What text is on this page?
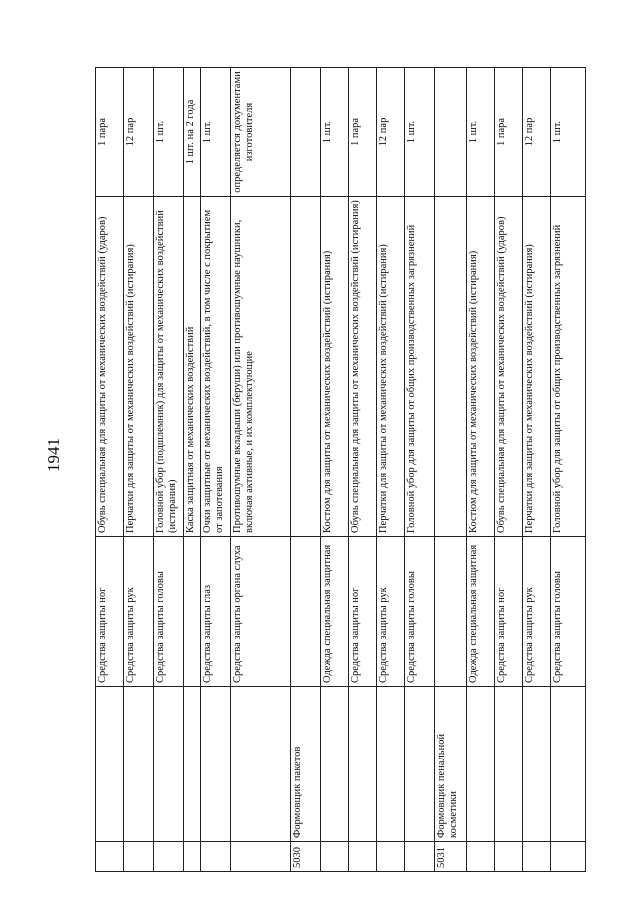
1941
		Средства защиты ног	Обувь специальная для защиты от механических воздействий (ударов)	1 пара
		Средства защиты рук	Перчатки для защиты от механических воздействий (истирания)	12 пар
		Средства защиты головы	Головной убор (подшлемник) для защиты от механических воздействий (истирания)	1 шт.
			Каска защитная от механических воздействий	1 шт. на 2 года
		Средства защиты глаз	Очки защитные от механических воздействий, в том числе с покрытием от запотевания	1 шт.
		Средства защиты органа слуха	Противошумные вкладыши (беруши) или противошумные наушники, включая активные, и их комплектующие	определяется документами изготовителя
5030	Формовщик пакетов			
		Одежда специальная защитная	Костюм для защиты от механических воздействий (истирания)	1 шт.
		Средства защиты ног	Обувь специальная для защиты от механических воздействий (истирания)	1 пара
		Средства защиты рук	Перчатки для защиты от механических воздействий (истирания)	12 пар
		Средства защиты головы	Головной убор для защиты от общих производственных загрязнений	1 шт.
5031	Формовщик пенальной косметики			
		Одежда специальная защитная	Костюм для защиты от механических воздействий (истирания)	1 шт.
		Средства защиты ног	Обувь специальная для защиты от механических воздействий (ударов)	1 пара
		Средства защиты рук	Перчатки для защиты от механических воздействий (истирания)	12 пар
		Средства защиты головы	Головной убор для защиты от общих производственных загрязнений	1 шт.
